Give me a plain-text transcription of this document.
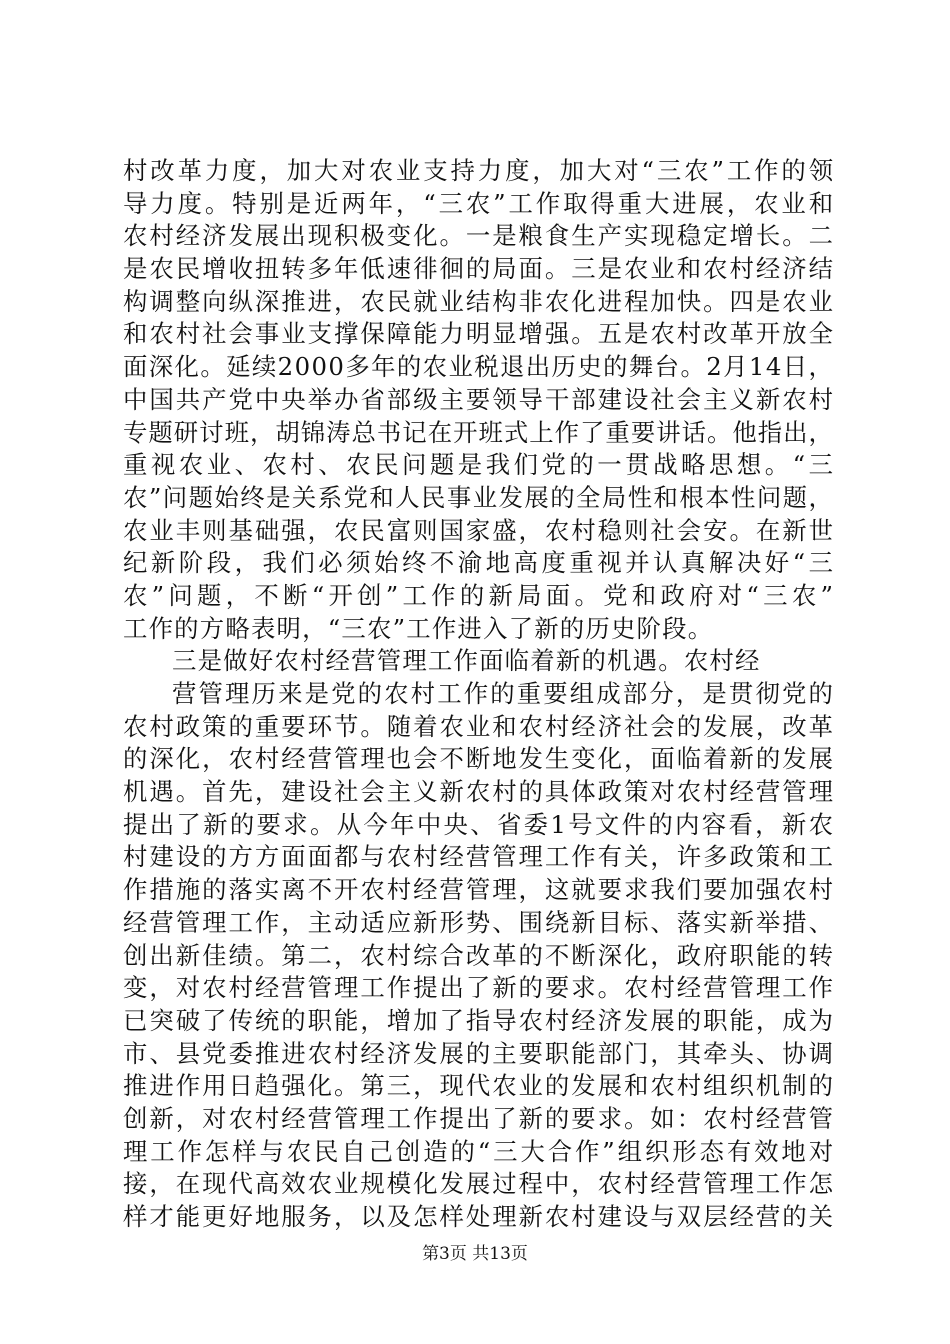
村改革力度，加大对农业支持力度，加大对“三农”工作的领
导力度。特别是近两年，“三农”工作取得重大进展，农业和
农村经济发展出现积极变化。一是粮食生产实现稳定增长。二
是农民增收扭转多年低速徘徊的局面。三是农业和农村经济结
构调整向纵深推进，农民就业结构非农化进程加快。四是农业
和农村社会事业支撑保障能力明显增强。五是农村改革开放全
面深化。延续2000多年的农业税退出历史的舞台。2月14日，
中国共产党中央举办省部级主要领导干部建设社会主义新农村
专题研讨班，胡锦涛总书记在开班式上作了重要讲话。他指出，
重视农业、农村、农民问题是我们党的一贯战略思想。“三
农”问题始终是关系党和人民事业发展的全局性和根本性问题，
农业丰则基础强，农民富则国家盛，农村稳则社会安。在新世
纪新阶段，我们必须始终不渝地高度重视并认真解决好“三
农”问题，不断“开创”工作的新局面。党和政府对“三农”
工作的方略表明，“三农”工作进入了新的历史阶段。
三是做好农村经营管理工作面临着新的机遇。农村经
营管理历来是党的农村工作的重要组成部分，是贯彻党的
农村政策的重要环节。随着农业和农村经济社会的发展，改革
的深化，农村经营管理也会不断地发生变化，面临着新的发展
机遇。首先，建设社会主义新农村的具体政策对农村经营管理
提出了新的要求。从今年中央、省委1号文件的内容看，新农
村建设的方方面面都与农村经营管理工作有关，许多政策和工
作措施的落实离不开农村经营管理，这就要求我们要加强农村
经营管理工作，主动适应新形势、围绕新目标、落实新举措、
创出新佳绩。第二，农村综合改革的不断深化，政府职能的转
变，对农村经营管理工作提出了新的要求。农村经营管理工作
已突破了传统的职能，增加了指导农村经济发展的职能，成为
市、县党委推进农村经济发展的主要职能部门，其牵头、协调
推进作用日趋强化。第三，现代农业的发展和农村组织机制的
创新，对农村经营管理工作提出了新的要求。如：农村经营管
理工作怎样与农民自己创造的“三大合作”组织形态有效地对
接，在现代高效农业规模化发展过程中，农村经营管理工作怎
样才能更好地服务，以及怎样处理新农村建设与双层经营的关
第3页 共13页
